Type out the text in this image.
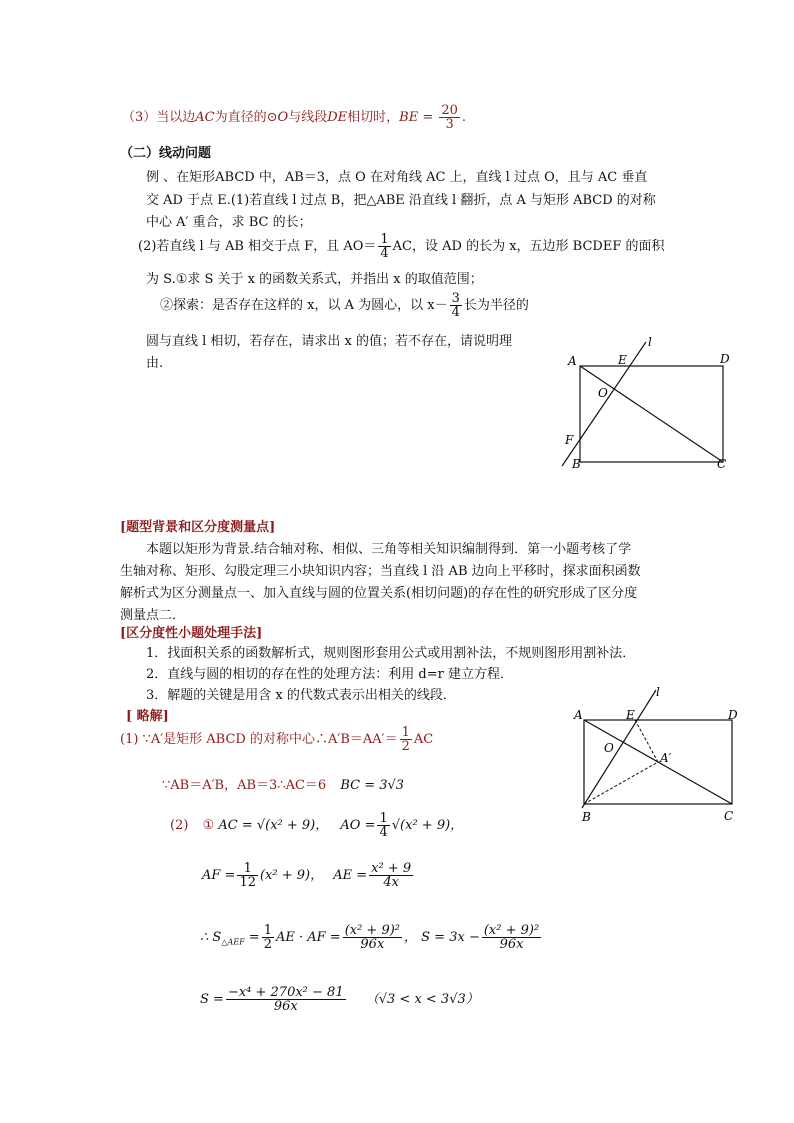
（3）当以边AC为直径的⊙O与线段DE相切时，BE = $\frac{20}{3}$ .
（二）线动问题
例 、在矩形ABCD 中，AB＝3，点 O 在对角线 AC 上，直线 l 过点 O，且与 AC 垂直
交 AD 于点 E.(1)若直线 l 过点 B，把△ABE 沿直线 l 翻折，点 A 与矩形 ABCD 的对称
中心 A′ 重合，求 BC 的长；
(2)若直线 l 与 AB 相交于点 F，且 $AO= \frac{1}{4}$ AC，设 AD 的长为 x，五边形 BCDEF 的面积
为 S.①求 S 关于 x 的函数关系式，并指出 x 的取值范围；
②探索：是否存在这样的 x，以 A 为圆心，以 $x- \frac{3}{4}$ 长为半径的
圆与直线 l 相切，若存在，请求出 x 的值；若不存在，请说明理
由.	A	E
l
D
O
F
B	C
[题型背景和区分度测量点]
本题以矩形为背景.结合轴对称、相似、三角等相关知识编制得到．第一小题考核了学
生轴对称、矩形、勾股定理三小块知识内容；当直线 l 沿 AB 边向上平移时，探求面积函数
解析式为区分测量点一、加入直线与圆的位置关系(相切问题)的存在性的研究形成了区分度
测量点二．
[区分度性小题处理手法]
1．找面积关系的函数解析式，规则图形套用公式或用割补法，不规则图形用割补法．
2．直线与圆的相切的存在性的处理方法：利用 d=r 建立方程．
3．解题的关键是用含 x 的代数式表示出相关的线段．
[ 略解]
(1) ∵A′是矩形 ABCD 的对称中心∴A′B＝AA′＝ $\frac{1}{2}$ AC
∵AB＝A′B，AB＝3∴AC＝6 BC = 3√3
(2) ① AC = √(x² + 9)， AO = $\frac{1}{4} √(x^2 + 9)$，
AF = $\frac{1}{12} (x^2 + 9)$， AE = $\frac{\text{x² + 9}}{4x}$
∴ $S_{\triangle AEF} = \frac{1}{2}$ AE · AF = $\frac{\text{(x² + 9)²}}{96x}$ ， $S = 3x - \frac{\text{(x² + 9)²}}{96x}$
$S = \frac{\text{−x⁴ + 270x² − 81}}{96x} (√3 < x < 3√3)$
A	E
l
D
O
A′
B	C
